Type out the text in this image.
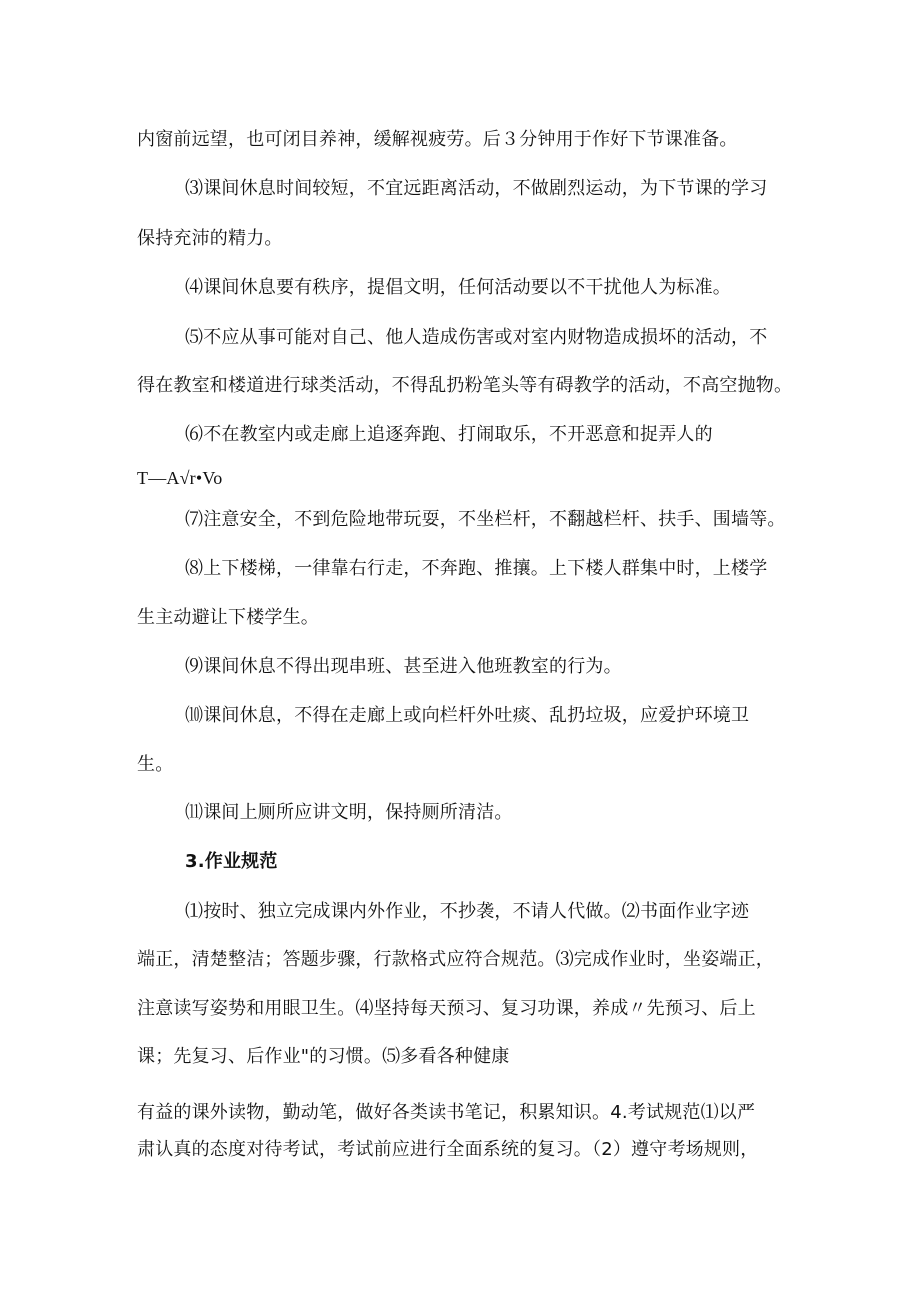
内窗前远望，也可闭目养神，缓解视疲劳。后３分钟用于作好下节课准备。
⑶课间休息时间较短，不宜远距离活动，不做剧烈运动，为下节课的学习
保持充沛的精力。
⑷课间休息要有秩序，提倡文明，任何活动要以不干扰他人为标准。
⑸不应从事可能对自己、他人造成伤害或对室内财物造成损坏的活动，不
得在教室和楼道进行球类活动，不得乱扔粉笔头等有碍教学的活动，不高空抛物。
⑹不在教室内或走廊上追逐奔跑、打闹取乐，不开恶意和捉弄人的
T—A√r•Vo
⑺注意安全，不到危险地带玩耍，不坐栏杆，不翻越栏杆、扶手、围墙等。
⑻上下楼梯，一律靠右行走，不奔跑、推攘。上下楼人群集中时，上楼学
生主动避让下楼学生。
⑼课间休息不得出现串班、甚至进入他班教室的行为。
⑽课间休息，不得在走廊上或向栏杆外吐痰、乱扔垃圾，应爱护环境卫
生。
⑾课间上厕所应讲文明，保持厕所清洁。
3.作业规范
⑴按时、独立完成课内外作业，不抄袭，不请人代做。⑵书面作业字迹
端正，清楚整洁；答题步骤，行款格式应符合规范。⑶完成作业时，坐姿端正，
注意读写姿势和用眼卫生。⑷坚持每天预习、复习功课，养成〃先预习、后上
课；先复习、后作业"的习惯。⑸多看各种健康
有益的课外读物，勤动笔，做好各类读书笔记，积累知识。4.考试规范⑴以严
肃认真的态度对待考试，考试前应进行全面系统的复习。（2）遵守考场规则，
